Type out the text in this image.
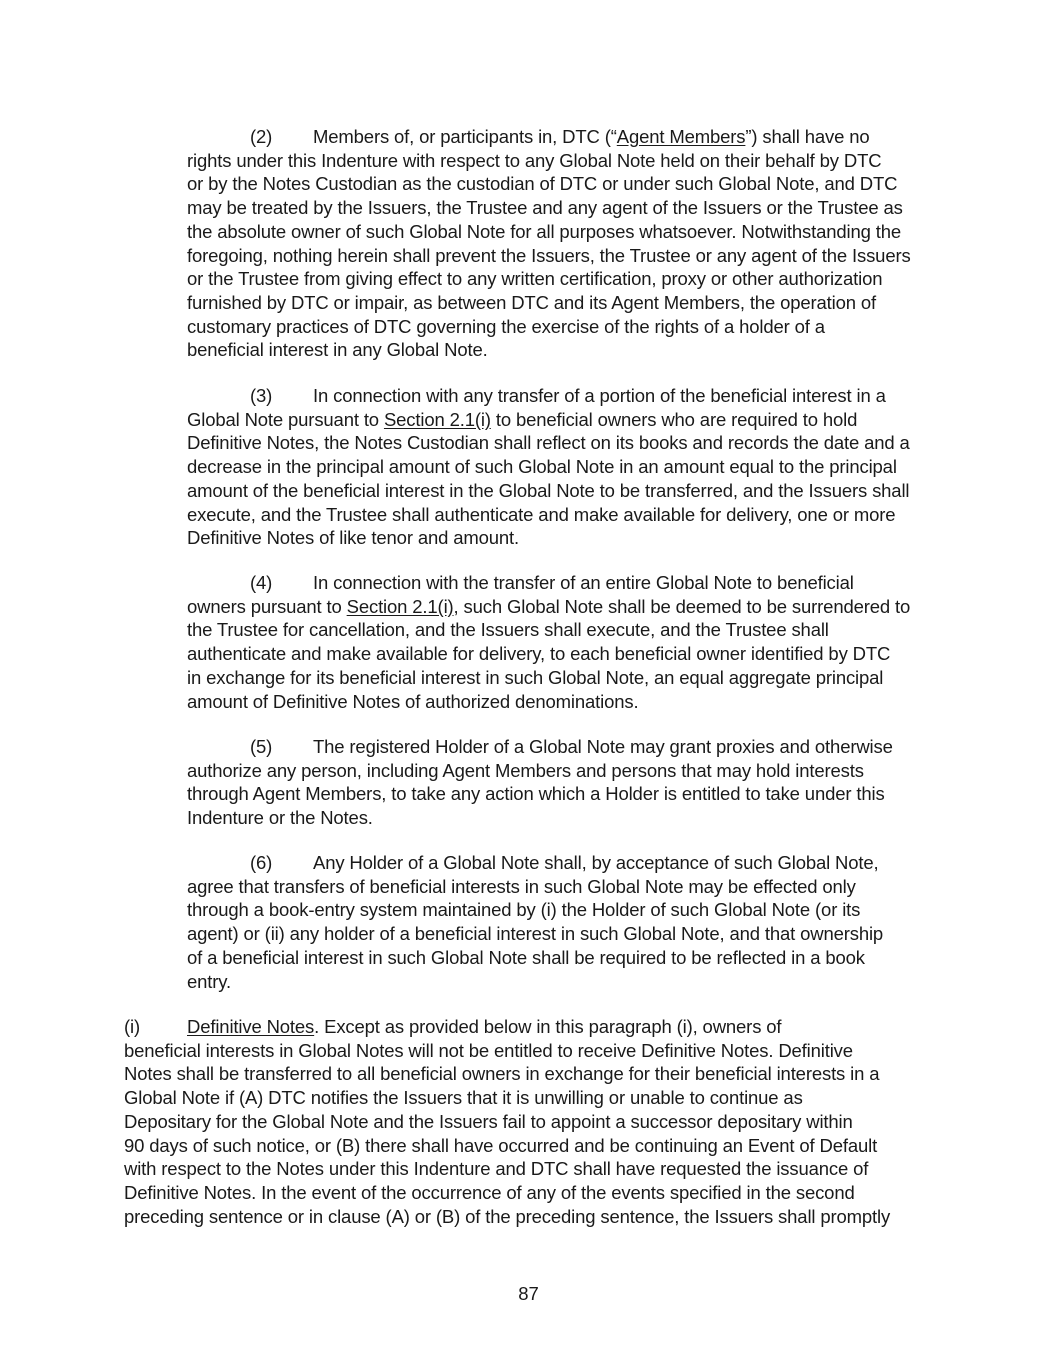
(2) Members of, or participants in, DTC (“Agent Members”) shall have no
rights under this Indenture with respect to any Global Note held on their behalf by DTC
or by the Notes Custodian as the custodian of DTC or under such Global Note, and DTC
may be treated by the Issuers, the Trustee and any agent of the Issuers or the Trustee as
the absolute owner of such Global Note for all purposes whatsoever. Notwithstanding the
foregoing, nothing herein shall prevent the Issuers, the Trustee or any agent of the Issuers
or the Trustee from giving effect to any written certification, proxy or other authorization
furnished by DTC or impair, as between DTC and its Agent Members, the operation of
customary practices of DTC governing the exercise of the rights of a holder of a
beneficial interest in any Global Note.
(3) In connection with any transfer of a portion of the beneficial interest in a
Global Note pursuant to Section 2.1(i) to beneficial owners who are required to hold
Definitive Notes, the Notes Custodian shall reflect on its books and records the date and a
decrease in the principal amount of such Global Note in an amount equal to the principal
amount of the beneficial interest in the Global Note to be transferred, and the Issuers shall
execute, and the Trustee shall authenticate and make available for delivery, one or more
Definitive Notes of like tenor and amount.
(4) In connection with the transfer of an entire Global Note to beneficial
owners pursuant to Section 2.1(i), such Global Note shall be deemed to be surrendered to
the Trustee for cancellation, and the Issuers shall execute, and the Trustee shall
authenticate and make available for delivery, to each beneficial owner identified by DTC
in exchange for its beneficial interest in such Global Note, an equal aggregate principal
amount of Definitive Notes of authorized denominations.
(5) The registered Holder of a Global Note may grant proxies and otherwise
authorize any person, including Agent Members and persons that may hold interests
through Agent Members, to take any action which a Holder is entitled to take under this
Indenture or the Notes.
(6) Any Holder of a Global Note shall, by acceptance of such Global Note,
agree that transfers of beneficial interests in such Global Note may be effected only
through a book-entry system maintained by (i) the Holder of such Global Note (or its
agent) or (ii) any holder of a beneficial interest in such Global Note, and that ownership
of a beneficial interest in such Global Note shall be required to be reflected in a book
entry.
(i)	Definitive Notes. Except as provided below in this paragraph (i), owners of
beneficial interests in Global Notes will not be entitled to receive Definitive Notes. Definitive
Notes shall be transferred to all beneficial owners in exchange for their beneficial interests in a
Global Note if (A) DTC notifies the Issuers that it is unwilling or unable to continue as
Depositary for the Global Note and the Issuers fail to appoint a successor depositary within
90 days of such notice, or (B) there shall have occurred and be continuing an Event of Default
with respect to the Notes under this Indenture and DTC shall have requested the issuance of
Definitive Notes. In the event of the occurrence of any of the events specified in the second
preceding sentence or in clause (A) or (B) of the preceding sentence, the Issuers shall promptly
87
